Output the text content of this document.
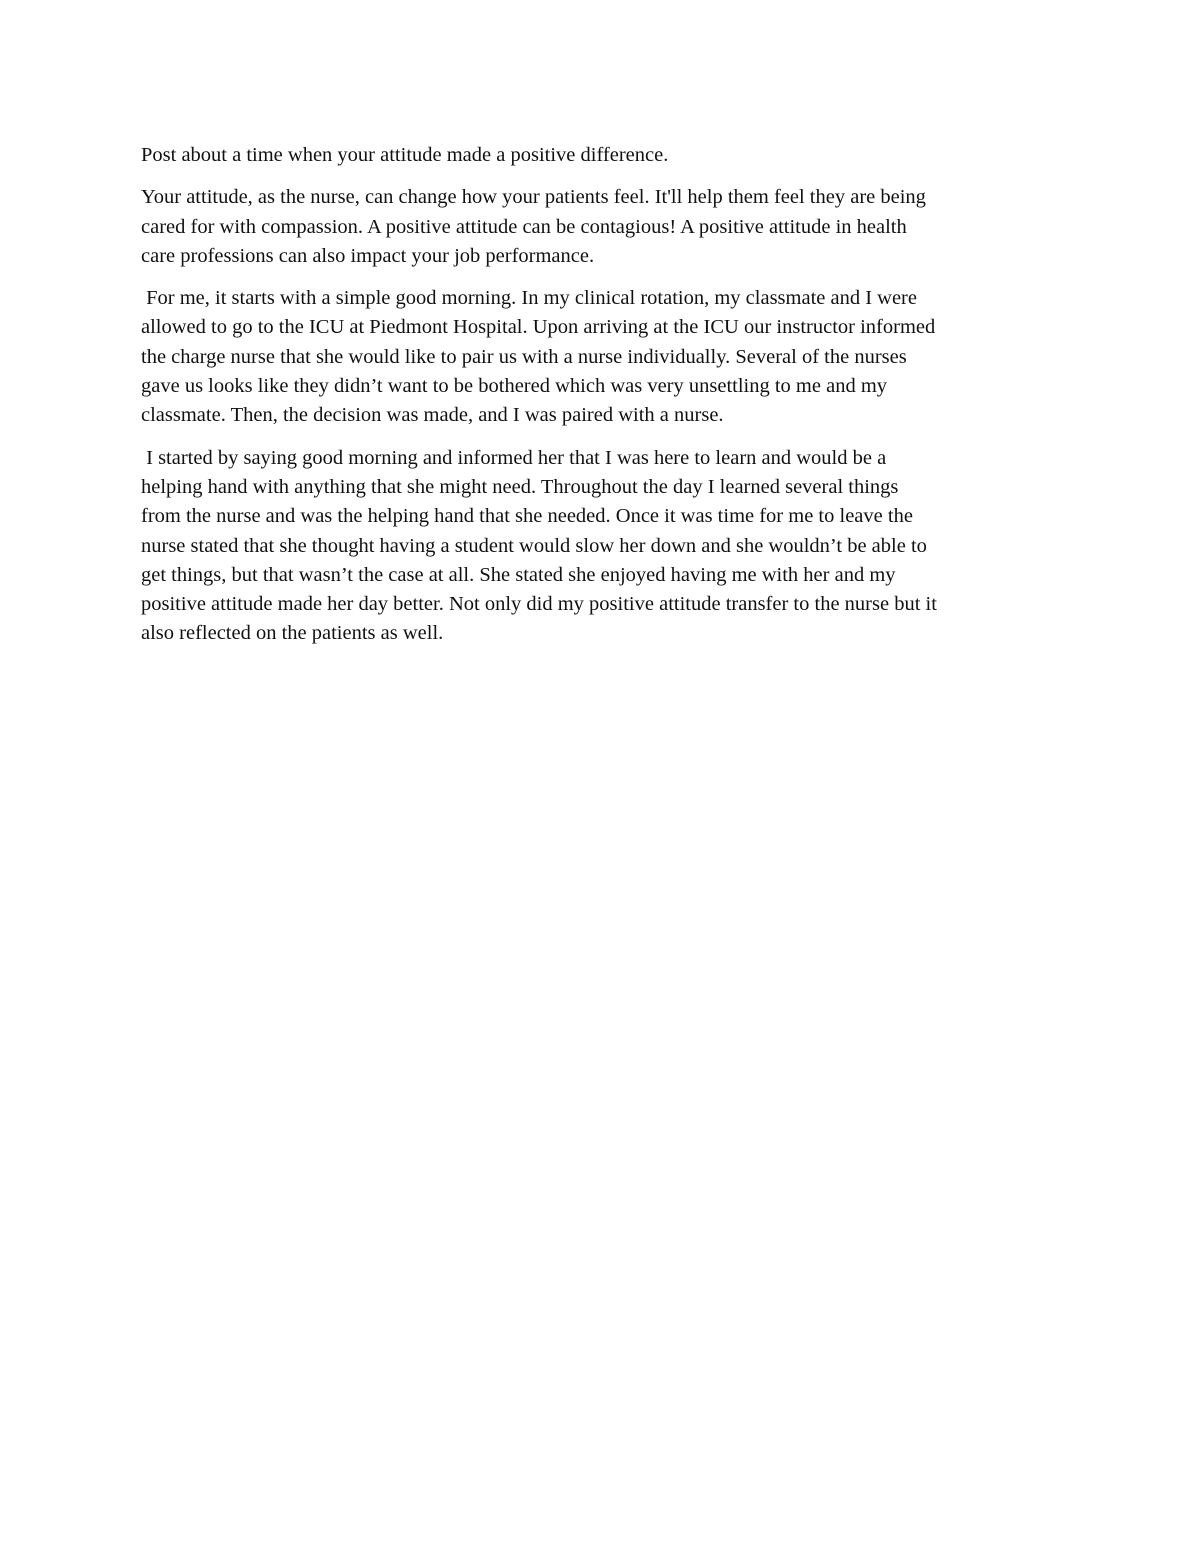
Post about a time when your attitude made a positive difference.

Your attitude, as the nurse, can change how your patients feel. It'll help them feel they are being
cared for with compassion. A positive attitude can be contagious! A positive attitude in health
care professions can also impact your job performance.

For me, it starts with a simple good morning. In my clinical rotation, my classmate and I were
allowed to go to the ICU at Piedmont Hospital. Upon arriving at the ICU our instructor informed
the charge nurse that she would like to pair us with a nurse individually. Several of the nurses
gave us looks like they didn’t want to be bothered which was very unsettling to me and my
classmate. Then, the decision was made, and I was paired with a nurse.

I started by saying good morning and informed her that I was here to learn and would be a
helping hand with anything that she might need. Throughout the day I learned several things
from the nurse and was the helping hand that she needed. Once it was time for me to leave the
nurse stated that she thought having a student would slow her down and she wouldn’t be able to
get things, but that wasn’t the case at all. She stated she enjoyed having me with her and my
positive attitude made her day better. Not only did my positive attitude transfer to the nurse but it
also reflected on the patients as well.
